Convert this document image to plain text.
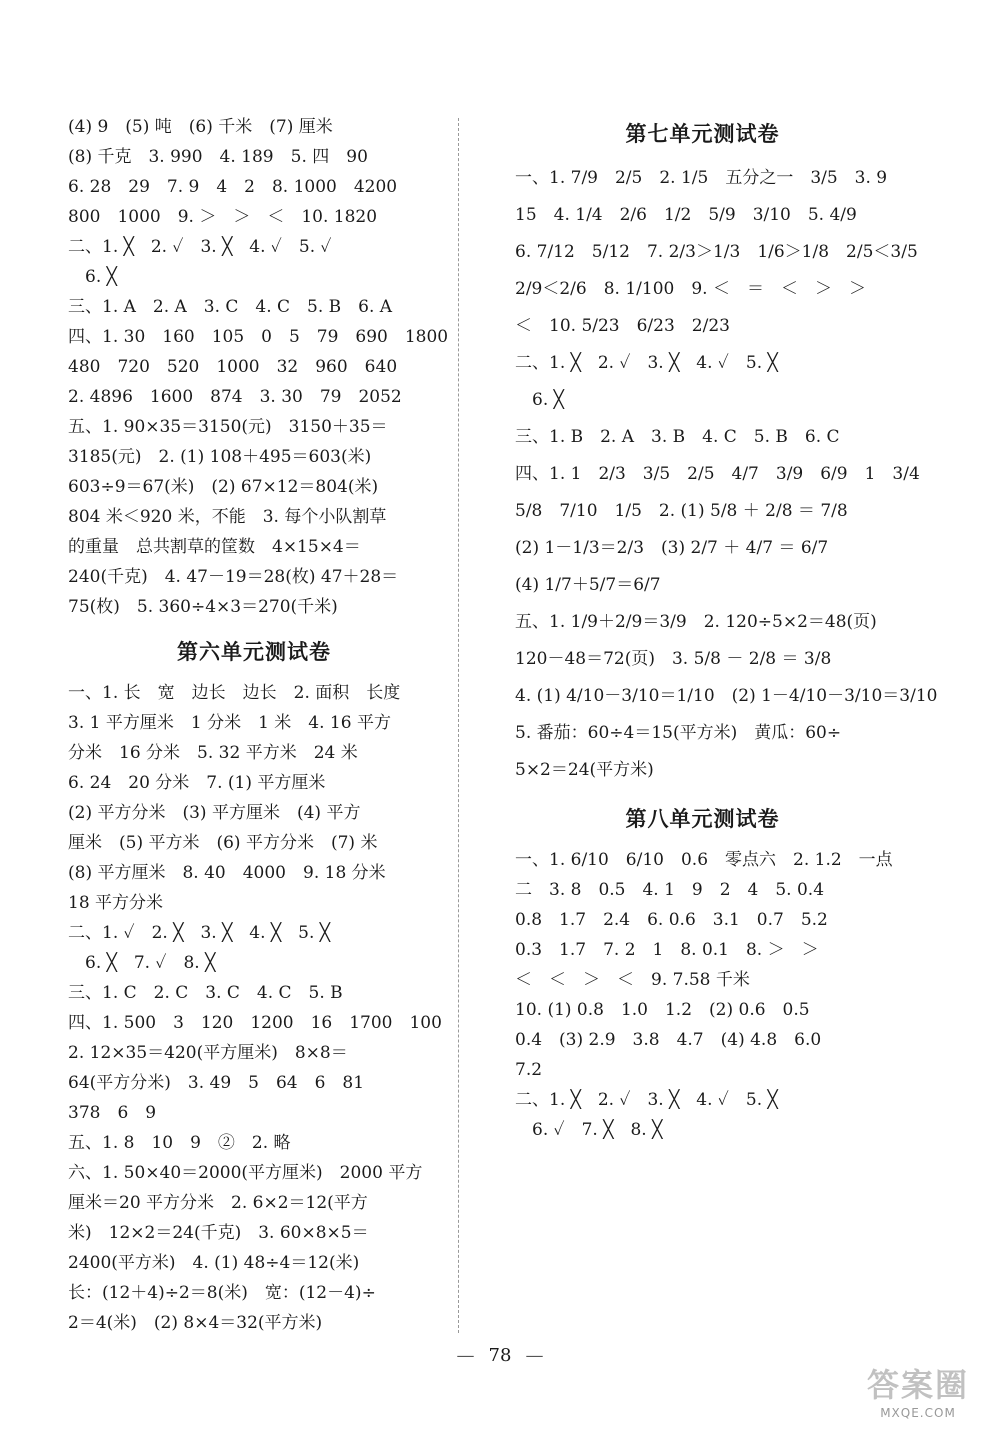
(4) 9　(5) 吨　(6) 千米　(7) 厘米
(8) 千克　3. 990　4. 189　5. 四　90
6. 28　29　7. 9　4　2　8. 1000　4200
800　1000　9. ＞　＞　＜　10. 1820
二、1. ╳　2. ✓　3. ╳　4. ✓　5. ✓
　6. ╳
三、1. A　2. A　3. C　4. C　5. B　6. A
四、1. 30　160　105　0　5　79　690　1800
480　720　520　1000　32　960　640
2. 4896　1600　874　3. 30　79　2052
五、1. 90×35＝3150(元)　3150＋35＝
3185(元)　2. (1) 108＋495＝603(米)
603÷9＝67(米)　(2) 67×12＝804(米)
804 米＜920 米，不能　3. 每个小队割草
的重量　总共割草的筐数　4×15×4＝
240(千克)　4. 47－19＝28(枚) 47＋28＝
75(枚)　5. 360÷4×3＝270(千米)
第六单元测试卷
一、1. 长　宽　边长　边长　2. 面积　长度
3. 1 平方厘米　1 分米　1 米　4. 16 平方
分米　16 分米　5. 32 平方米　24 米
6. 24　20 分米　7. (1) 平方厘米
(2) 平方分米　(3) 平方厘米　(4) 平方
厘米　(5) 平方米　(6) 平方分米　(7) 米
(8) 平方厘米　8. 40　4000　9. 18 分米
18 平方分米
二、1. ✓　2. ╳　3. ╳　4. ╳　5. ╳
　6. ╳　7. ✓　8. ╳
三、1. C　2. C　3. C　4. C　5. B
四、1. 500　3　120　1200　16　1700　100
2. 12×35＝420(平方厘米)　8×8＝
64(平方分米)　3. 49　5　64　6　81
378　6　9
五、1. 8　10　9　②　2. 略
六、1. 50×40＝2000(平方厘米)　2000 平方
厘米＝20 平方分米　2. 6×2＝12(平方
米)　12×2＝24(千克)　3. 60×8×5＝
2400(平方米)　4. (1) 48÷4＝12(米)
长：(12＋4)÷2＝8(米)　宽：(12－4)÷
2＝4(米)　(2) 8×4＝32(平方米)
第七单元测试卷
一、1. 7/9　2/5　2. 1/5　五分之一　3/5　3. 9
15　4. 1/4　2/6　1/2　5/9　3/10　5. 4/9
6. 7/12　5/12　7. 2/3＞1/3　1/6＞1/8　2/5＜3/5
2/9＜2/6　8. 1/100　9. ＜　＝　＜　＞　＞
＜　10. 5/23　6/23　2/23
二、1. ╳　2. ✓　3. ╳　4. ✓　5. ╳
　6. ╳
三、1. B　2. A　3. B　4. C　5. B　6. C
四、1. 1　2/3　3/5　2/5　4/7　3/9　6/9　1　3/4
5/8　7/10　1/5　2. (1) 5/8 ＋ 2/8 ＝ 7/8
(2) 1－1/3＝2/3　(3) 2/7 ＋ 4/7 ＝ 6/7
(4) 1/7＋5/7＝6/7
五、1. 1/9＋2/9＝3/9　2. 120÷5×2＝48(页)
120－48＝72(页)　3. 5/8 － 2/8 ＝ 3/8
4. (1) 4/10－3/10＝1/10　(2) 1－4/10－3/10＝3/10
5. 番茄：60÷4＝15(平方米)　黄瓜：60÷
5×2＝24(平方米)
第八单元测试卷
一、1. 6/10　6/10　0.6　零点六　2. 1.2　一点
二　3. 8　0.5　4. 1　9　2　4　5. 0.4
0.8　1.7　2.4　6. 0.6　3.1　0.7　5.2
0.3　1.7　7. 2　1　8. 0.1　8. ＞　＞
＜　＜　＞　＜　9. 7.58 千米
10. (1) 0.8　1.0　1.2　(2) 0.6　0.5
0.4　(3) 2.9　3.8　4.7　(4) 4.8　6.0
7.2
二、1. ╳　2. ✓　3. ╳　4. ✓　5. ╳
　6. ✓　7. ╳　8. ╳
— 78 —
答案圈
MXQE.COM
